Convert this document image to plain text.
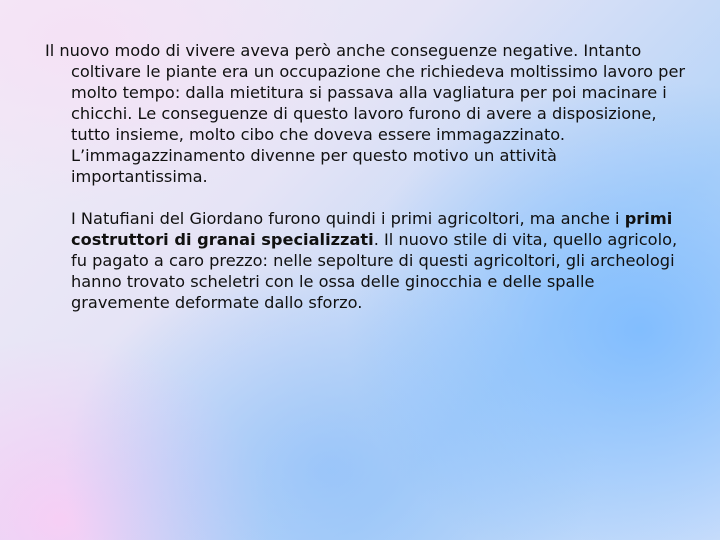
Il nuovo modo di vivere aveva però anche conseguenze negative. Intanto coltivare le piante era un occupazione che richiedeva moltissimo lavoro per molto tempo: dalla mietitura si passava alla vagliatura per poi macinare i chicchi. Le conseguenze di questo lavoro furono di avere a disposizione, tutto insieme, molto cibo che doveva essere immagazzinato. L’immagazzinamento divenne per questo motivo un attività importantissima.

I Natufiani del Giordano furono quindi i primi agricoltori, ma anche i primi costruttori di granai specializzati. Il nuovo stile di vita, quello agricolo, fu pagato a caro prezzo: nelle sepolture di questi agricoltori, gli archeologi hanno trovato scheletri con le ossa delle ginocchia e delle spalle gravemente deformate dallo sforzo.
